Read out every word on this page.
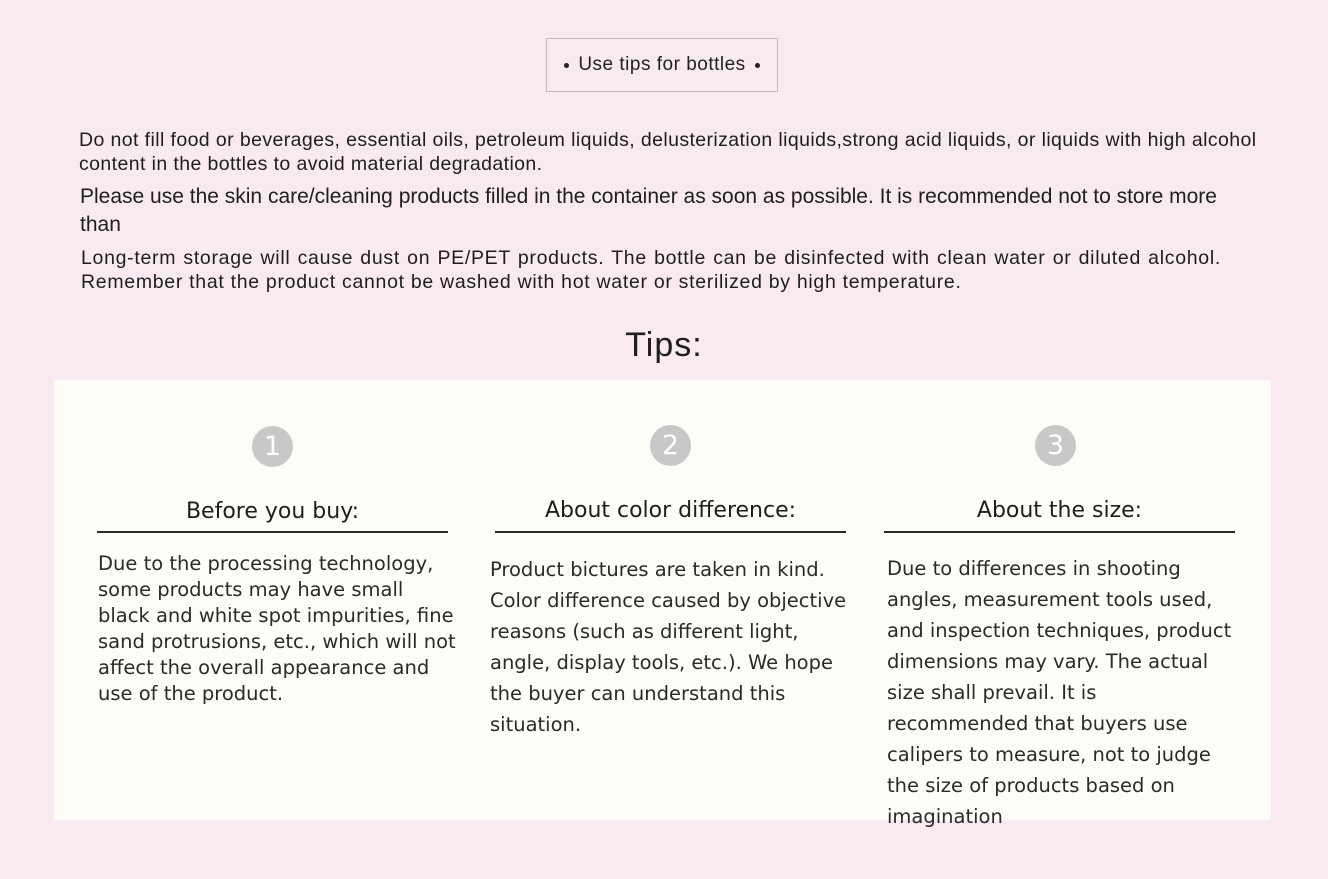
Use tips for bottles

Do not fill food or beverages, essential oils, petroleum liquids, delusterization liquids,strong acid liquids, or liquids with high alcohol content in the bottles to avoid material degradation.

Please use the skin care/cleaning products filled in the container as soon as possible. It is recommended not to store more than

Long-term storage will cause dust on PE/PET products. The bottle can be disinfected with clean water or diluted alcohol. Remember that the product cannot be washed with hot water or sterilized by high temperature.

Tips:
1
Before you buy:

Due to the processing technology, some products may have small black and white spot impurities, fine sand protrusions, etc., which will not affect the overall appearance and use of the product.

2
About color difference:

Product bictures are taken in kind. Color difference caused by objective reasons (such as different light, angle, display tools, etc.). We hope the buyer can understand this situation.

3
About the size:

Due to differences in shooting angles, measurement tools used, and inspection techniques, product dimensions may vary. The actual size shall prevail. It is recommended that buyers use calipers to measure, not to judge the size of products based on imagination
